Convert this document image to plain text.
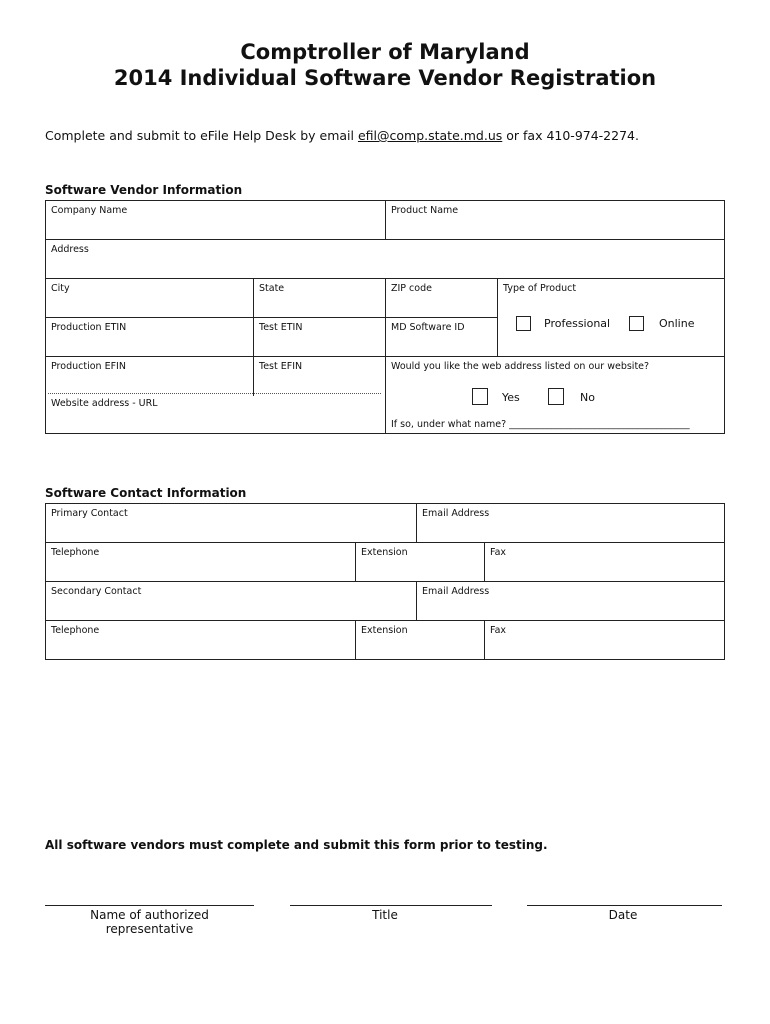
Comptroller of Maryland
2014 Individual Software Vendor Registration
Complete and submit to eFile Help Desk by email efil@comp.state.md.us or fax 410-974-2274.
Software Vendor Information
Company Name	Product Name
Address
City	State	ZIP code	Type of Product
Professional	Online
Production ETIN	Test ETIN	MD Software ID
Production EFIN	Test EFIN
Website address - URL
Would you like the web address listed on our website?
Yes	No
If so, under what name? ______________________________________
Software Contact Information
Primary Contact	Email Address
Telephone	Extension	Fax
Secondary Contact	Email Address
Telephone	Extension	Fax
All software vendors must complete and submit this form prior to testing.
Name of authorized representative
Title	Date
